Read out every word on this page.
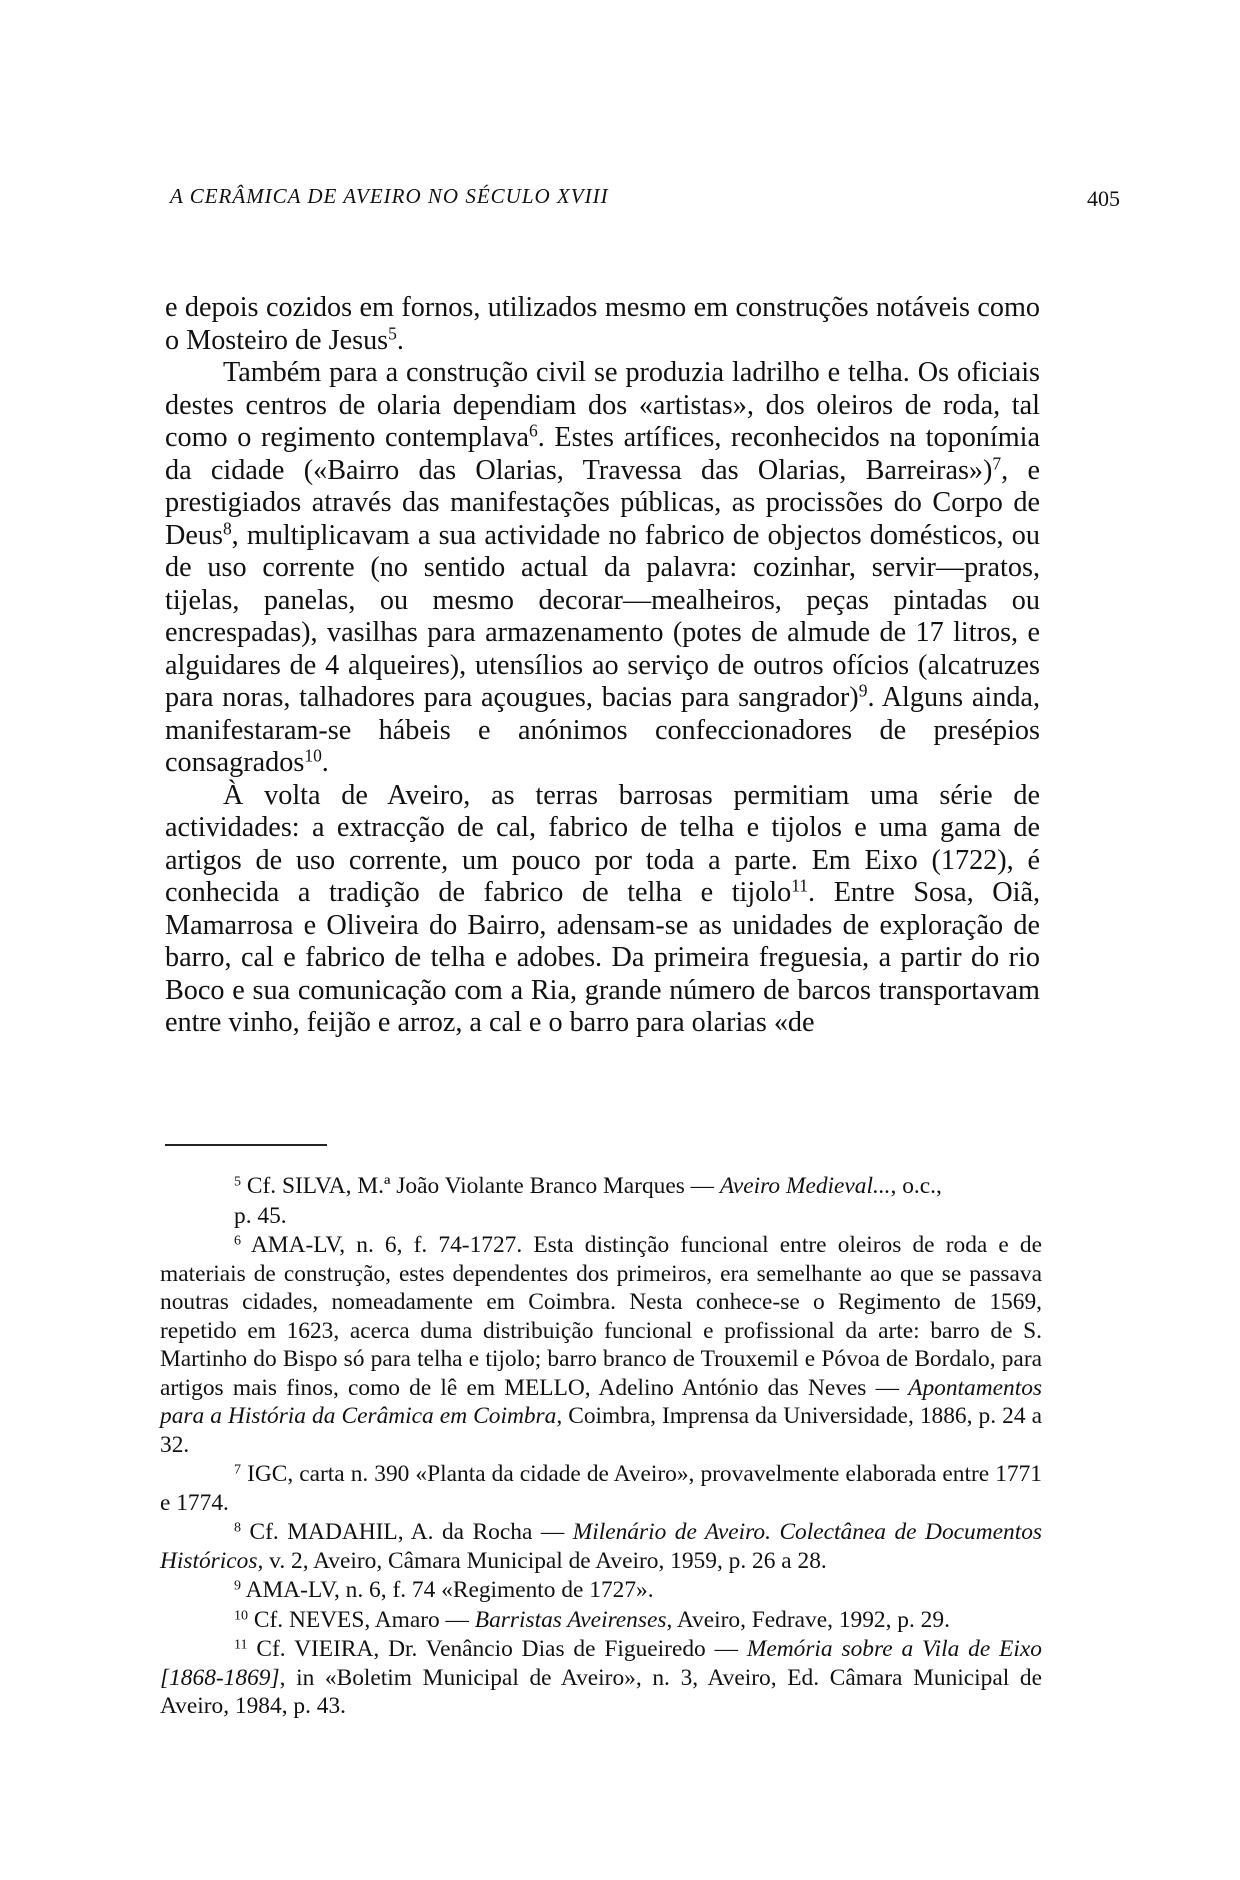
A CERÂMICA DE AVEIRO NO SÉCULO XVIII	405

e depois cozidos em fornos, utilizados mesmo em construções notáveis como o Mosteiro de Jesus$^5$.

Também para a construção civil se produzia ladrilho e telha. Os oficiais destes centros de olaria dependiam dos «artistas», dos oleiros de roda, tal como o regimento contemplava$^6$. Estes artífices, reconhecidos na toponímia da cidade («Bairro das Olarias, Travessa das Olarias, Barreiras»)$^7$, e prestigiados através das manifestações públicas, as procissões do Corpo de Deus$^8$, multiplicavam a sua actividade no fabrico de objectos domésticos, ou de uso corrente (no sentido actual da palavra: cozinhar, servir—pratos, tijelas, panelas, ou mesmo decorar—mealheiros, peças pintadas ou encrespadas), vasilhas para armazenamento (potes de almude de 17 litros, e alguidares de 4 alqueires), utensílios ao serviço de outros ofícios (alcatruzes para noras, talhadores para açougues, bacias para sangrador)$^9$. Alguns ainda, manifestaram-se hábeis e anónimos confeccionadores de presépios consagrados$^{10}$.

À volta de Aveiro, as terras barrosas permitiam uma série de actividades: a extracção de cal, fabrico de telha e tijolos e uma gama de artigos de uso corrente, um pouco por toda a parte. Em Eixo (1722), é conhecida a tradição de fabrico de telha e tijolo$^{11}$. Entre Sosa, Oiã, Mamarrosa e Oliveira do Bairro, adensam-se as unidades de exploração de barro, cal e fabrico de telha e adobes. Da primeira freguesia, a partir do rio Boco e sua comunicação com a Ria, grande número de barcos transportavam entre vinho, feijão e arroz, a cal e o barro para olarias «de

$^5$ Cf. SILVA, M.ª João Violante Branco Marques — Aveiro Medieval..., o.c.,

p. 45.

$^6$ AMA-LV, n. 6, f. 74-1727. Esta distinção funcional entre oleiros de roda e de materiais de construção, estes dependentes dos primeiros, era semelhante ao que se passava noutras cidades, nomeadamente em Coimbra. Nesta conhece-se o Regimento de 1569, repetido em 1623, acerca duma distribuição funcional e profissional da arte: barro de S. Martinho do Bispo só para telha e tijolo; barro branco de Trouxemil e Póvoa de Bordalo, para artigos mais finos, como de lê em MELLO, Adelino António das Neves — Apontamentos para a História da Cerâmica em Coimbra, Coimbra, Imprensa da Universidade, 1886, p. 24 a 32.

$^7$ IGC, carta n. 390 «Planta da cidade de Aveiro», provavelmente elaborada entre 1771 e 1774.

$^8$ Cf. MADAHIL, A. da Rocha — Milenário de Aveiro. Colectânea de Documentos Históricos, v. 2, Aveiro, Câmara Municipal de Aveiro, 1959, p. 26 a 28.

$^9$ AMA-LV, n. 6, f. 74 «Regimento de 1727».

$^{10}$ Cf. NEVES, Amaro — Barristas Aveirenses, Aveiro, Fedrave, 1992, p. 29.

$^{11}$ Cf. VIEIRA, Dr. Venâncio Dias de Figueiredo — Memória sobre a Vila de Eixo [1868-1869], in «Boletim Municipal de Aveiro», n. 3, Aveiro, Ed. Câmara Municipal de Aveiro, 1984, p. 43.
